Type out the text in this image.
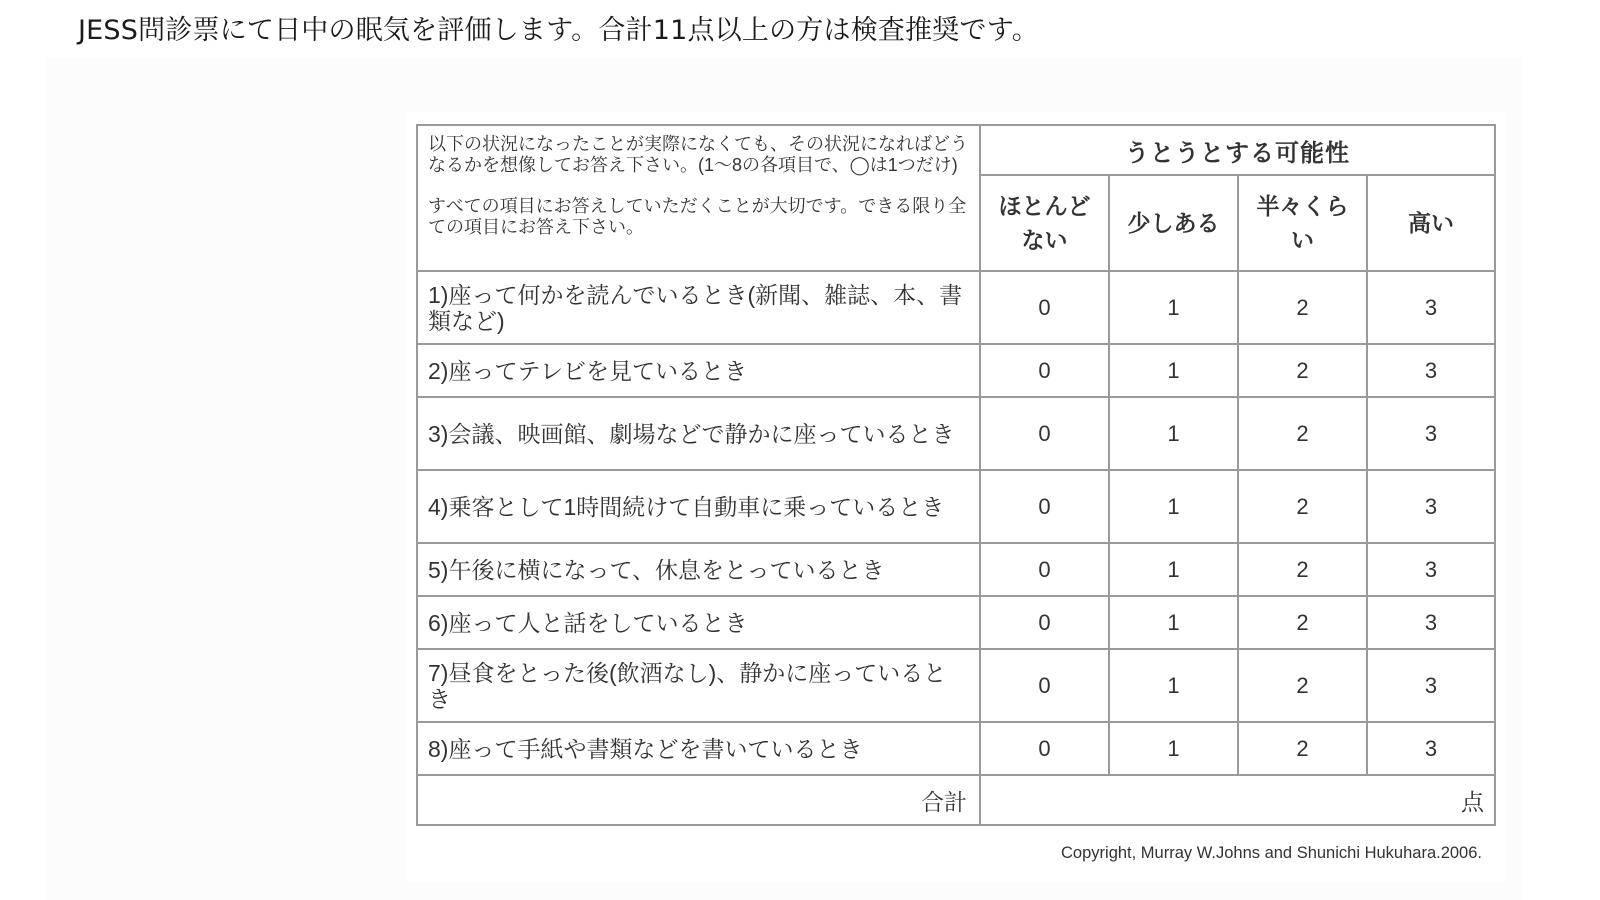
JESS問診票にて日中の眠気を評価します。合計11点以上の方は検査推奨です。
以下の状況になったことが実際になくても、その状況になればどうなるかを想像してお答え下さい。(1〜8の各項目で、◯は1つだけ)
すべての項目にお答えしていただくことが大切です。できる限り全ての項目にお答え下さい。	うとうとする可能性			
	ほとんどない	少しある	半々くらい	高い
1)座って何かを読んでいるとき(新聞、雑誌、本、書類など)	0	1	2	3
2)座ってテレビを見ているとき	0	1	2	3
3)会議、映画館、劇場などで静かに座っているとき	0	1	2	3
4)乗客として1時間続けて自動車に乗っているとき	0	1	2	3
5)午後に横になって、休息をとっているとき	0	1	2	3
6)座って人と話をしているとき	0	1	2	3
7)昼食をとった後(飲酒なし)、静かに座っているとき	0	1	2	3
8)座って手紙や書類などを書いているとき	0	1	2	3
合計	点			
Copyright, Murray W.Johns and Shunichi Hukuhara.2006.
